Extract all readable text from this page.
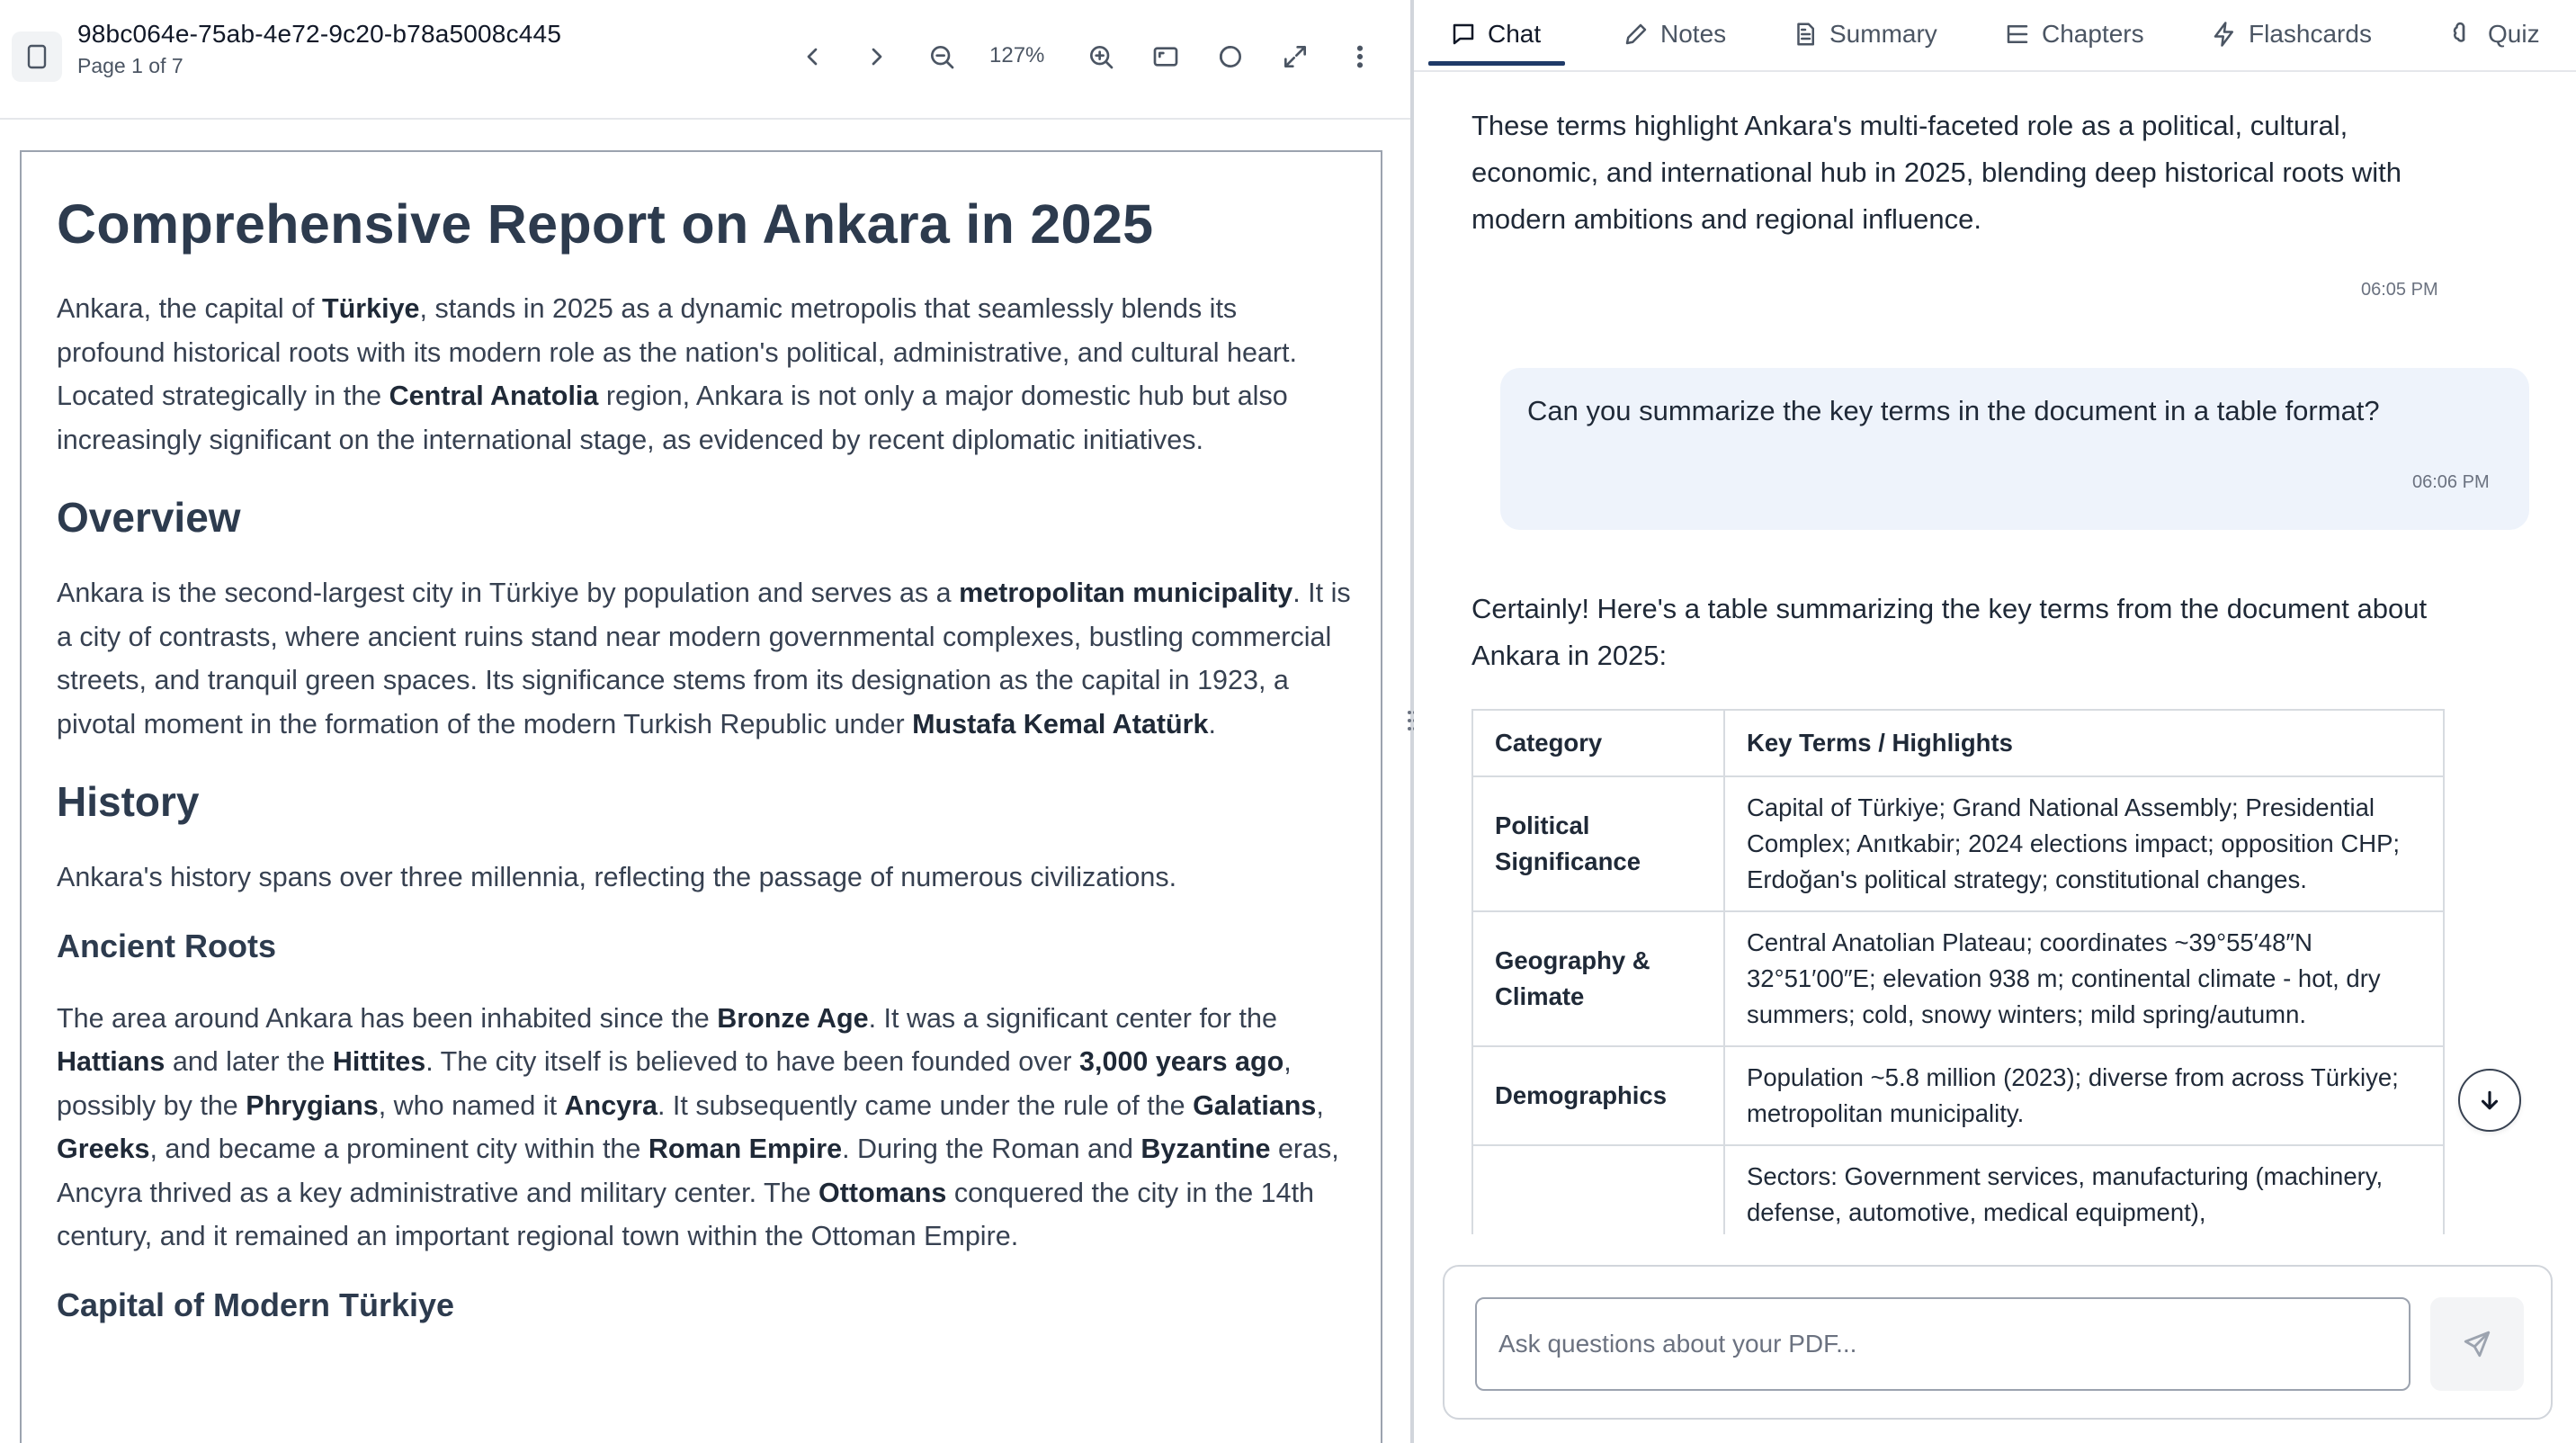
98bc064e-75ab-4e72-9c20-b78a5008c445
Page 1 of 7	127%
Comprehensive Report on Ankara in 2025
Ankara, the capital of Türkiye, stands in 2025 as a dynamic metropolis that seamlessly blends its profound historical roots with its modern role as the nation's political, administrative, and cultural heart. Located strategically in the Central Anatolia region, Ankara is not only a major domestic hub but also increasingly significant on the international stage, as evidenced by recent diplomatic initiatives.
Overview
Ankara is the second-largest city in Türkiye by population and serves as a metropolitan municipality. It is a city of contrasts, where ancient ruins stand near modern governmental complexes, bustling commercial streets, and tranquil green spaces. Its significance stems from its designation as the capital in 1923, a pivotal moment in the formation of the modern Turkish Republic under Mustafa Kemal Atatürk.
History
Ankara's history spans over three millennia, reflecting the passage of numerous civilizations.
Ancient Roots
The area around Ankara has been inhabited since the Bronze Age. It was a significant center for the Hattians and later the Hittites. The city itself is believed to have been founded over 3,000 years ago, possibly by the Phrygians, who named it Ancyra. It subsequently came under the rule of the Galatians, Greeks, and became a prominent city within the Roman Empire. During the Roman and Byzantine eras, Ancyra thrived as a key administrative and military center. The Ottomans conquered the city in the 14th century, and it remained an important regional town within the Ottoman Empire.
Capital of Modern Türkiye
Chat	Notes	Summary	Chapters	Flashcards	Quiz
These terms highlight Ankara's multi-faceted role as a political, cultural, economic, and international hub in 2025, blending deep historical roots with modern ambitions and regional influence.
06:05 PM
Can you summarize the key terms in the document in a table format?
06:06 PM
Certainly! Here's a table summarizing the key terms from the document about Ankara in 2025:
Category	Key Terms / Highlights
Political Significance	Capital of Türkiye; Grand National Assembly; Presidential Complex; Anıtkabir; 2024 elections impact; opposition CHP; Erdoğan's political strategy; constitutional changes.
Geography & Climate	Central Anatolian Plateau; coordinates ~39°55′48″N 32°51′00″E; elevation 938 m; continental climate - hot, dry summers; cold, snowy winters; mild spring/autumn.
Demographics	Population ~5.8 million (2023); diverse from across Türkiye; metropolitan municipality.
	Sectors: Government services, manufacturing (machinery, defense, automotive, medical equipment),
Ask questions about your PDF...
